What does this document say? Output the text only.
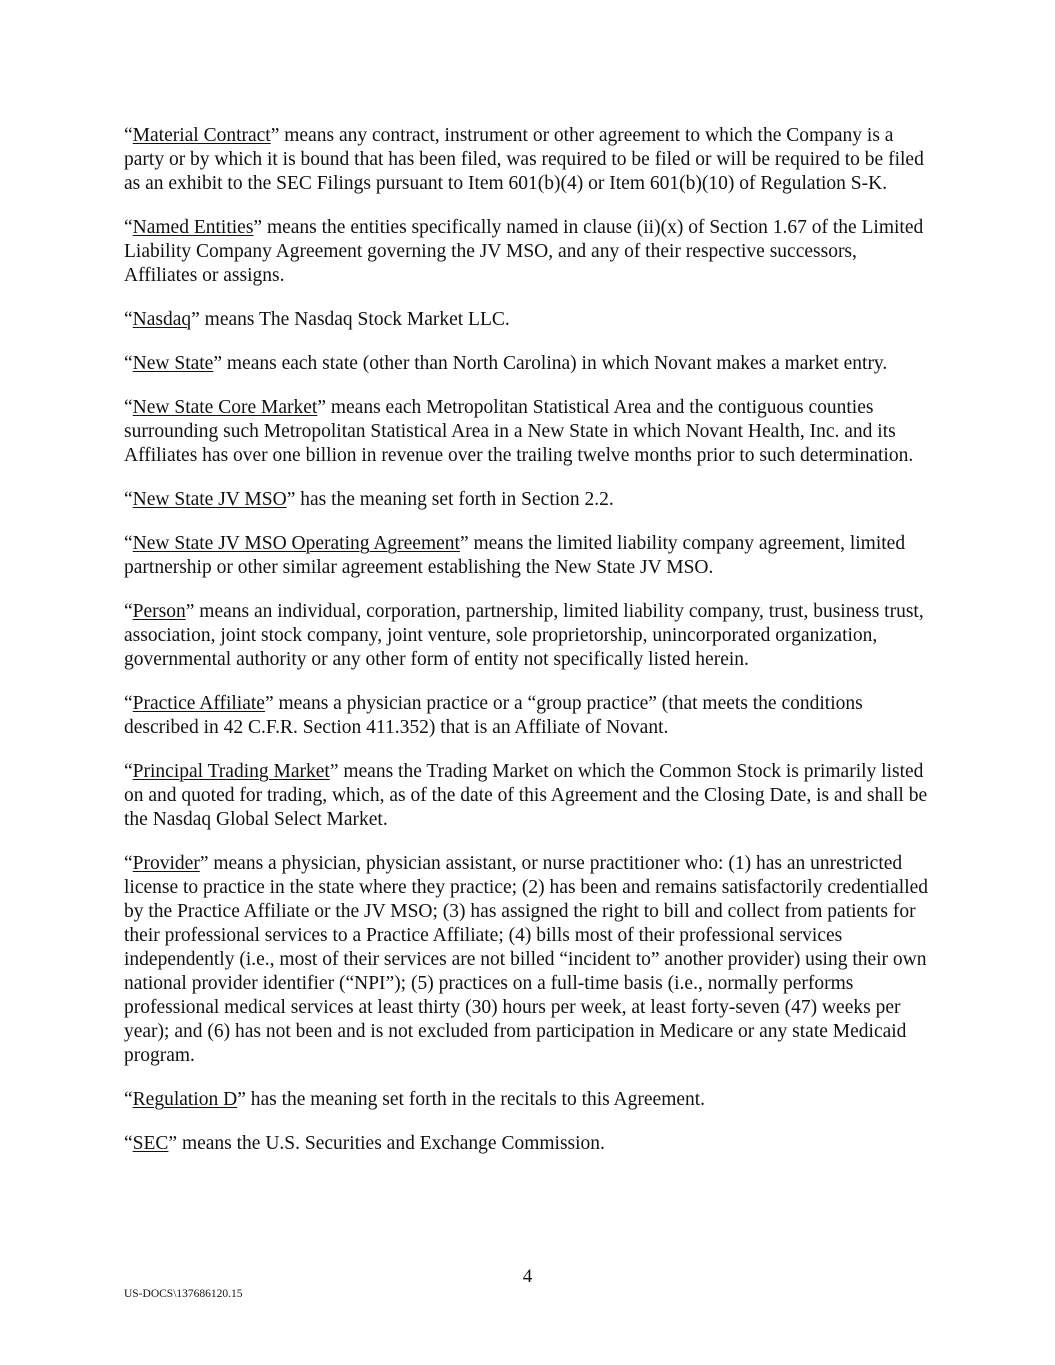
“Material Contract” means any contract, instrument or other agreement to which the Company is a party or by which it is bound that has been filed, was required to be filed or will be required to be filed as an exhibit to the SEC Filings pursuant to Item 601(b)(4) or Item 601(b)(10) of Regulation S-K.

“Named Entities” means the entities specifically named in clause (ii)(x) of Section 1.67 of the Limited Liability Company Agreement governing the JV MSO, and any of their respective successors, Affiliates or assigns.

“Nasdaq” means The Nasdaq Stock Market LLC.

“New State” means each state (other than North Carolina) in which Novant makes a market entry.

“New State Core Market” means each Metropolitan Statistical Area and the contiguous counties surrounding such Metropolitan Statistical Area in a New State in which Novant Health, Inc. and its Affiliates has over one billion in revenue over the trailing twelve months prior to such determination.

“New State JV MSO” has the meaning set forth in Section 2.2.

“New State JV MSO Operating Agreement” means the limited liability company agreement, limited partnership or other similar agreement establishing the New State JV MSO.

“Person” means an individual, corporation, partnership, limited liability company, trust, business trust, association, joint stock company, joint venture, sole proprietorship, unincorporated organization, governmental authority or any other form of entity not specifically listed herein.

“Practice Affiliate” means a physician practice or a “group practice” (that meets the conditions described in 42 C.F.R. Section 411.352) that is an Affiliate of Novant.

“Principal Trading Market” means the Trading Market on which the Common Stock is primarily listed on and quoted for trading, which, as of the date of this Agreement and the Closing Date, is and shall be the Nasdaq Global Select Market.

“Provider” means a physician, physician assistant, or nurse practitioner who: (1) has an unrestricted license to practice in the state where they practice; (2) has been and remains satisfactorily credentialled by the Practice Affiliate or the JV MSO; (3) has assigned the right to bill and collect from patients for their professional services to a Practice Affiliate; (4) bills most of their professional services independently (i.e., most of their services are not billed “incident to” another provider) using their own national provider identifier (“NPI”); (5) practices on a full-time basis (i.e., normally performs professional medical services at least thirty (30) hours per week, at least forty-seven (47) weeks per year); and (6) has not been and is not excluded from participation in Medicare or any state Medicaid program.

“Regulation D” has the meaning set forth in the recitals to this Agreement.

“SEC” means the U.S. Securities and Exchange Commission.

4
US-DOCS\137686120.15
